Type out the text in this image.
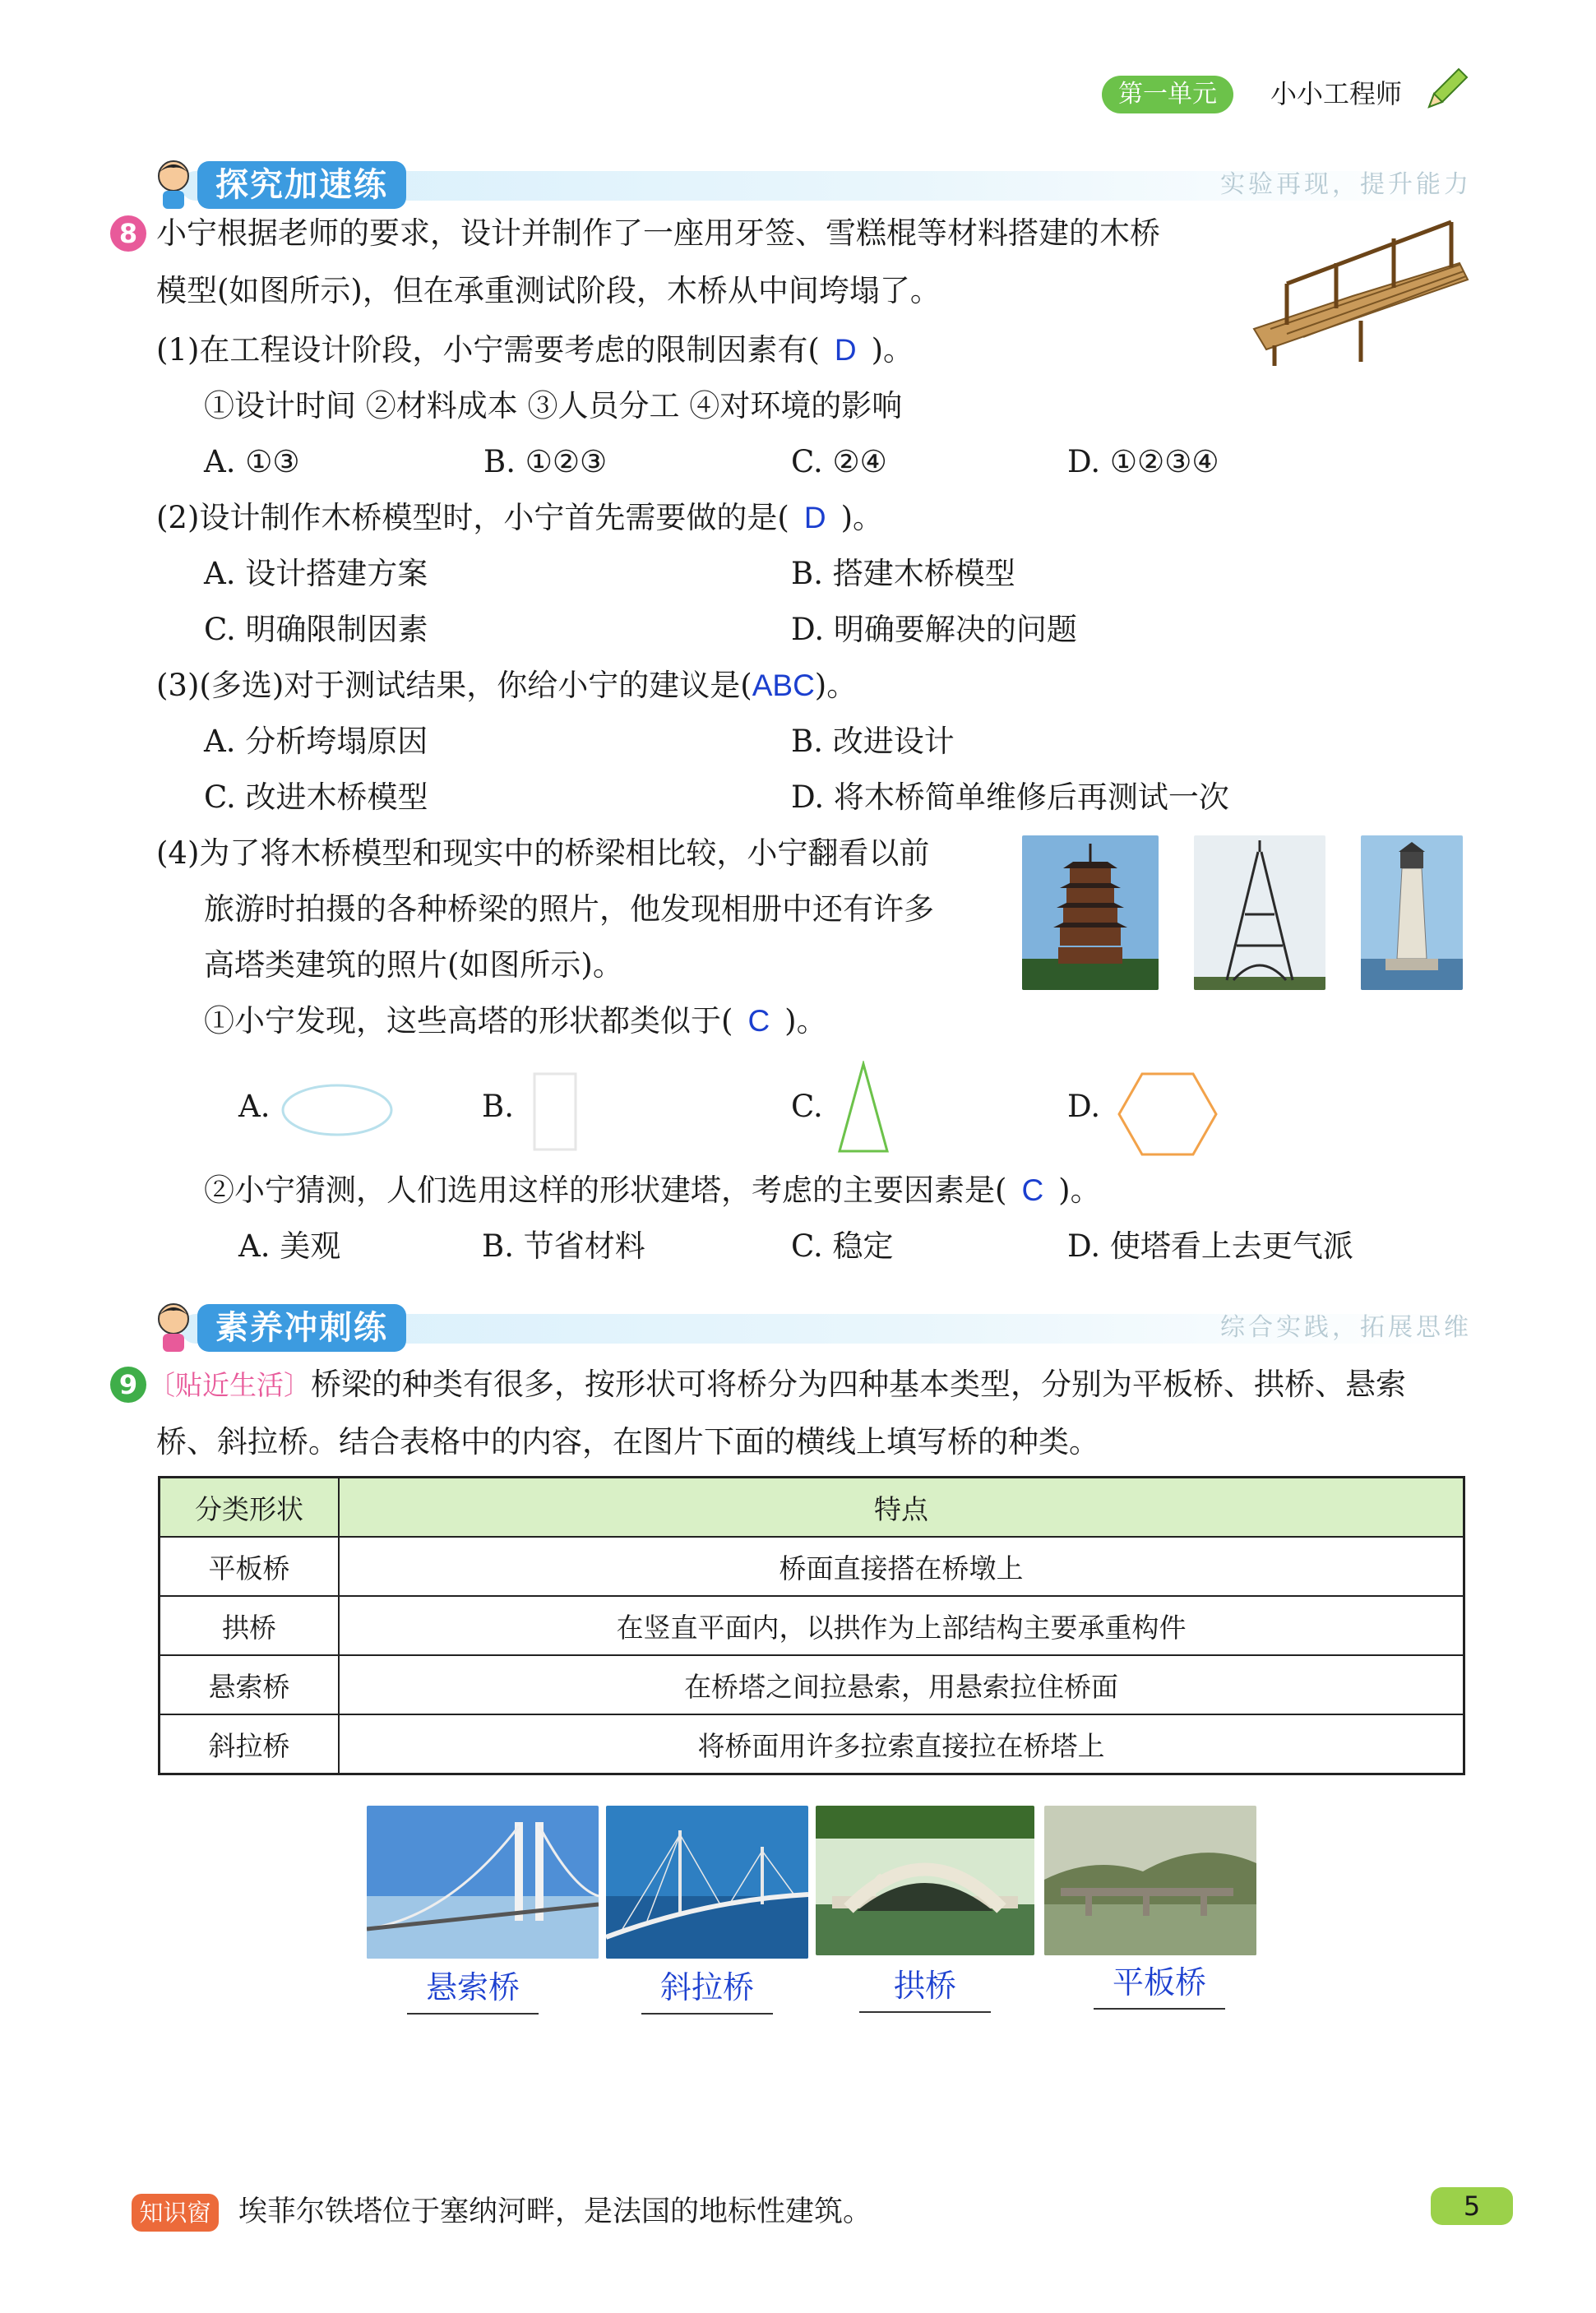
第一单元	小小工程师
探究加速练	实验再现，提升能力
8 小宁根据老师的要求，设计并制作了一座用牙签、雪糕棍等材料搭建的木桥
模型(如图所示)，但在承重测试阶段，木桥从中间垮塌了。
(1)在工程设计阶段，小宁需要考虑的限制因素有( D )。
①设计时间 ②材料成本 ③人员分工 ④对环境的影响
A. ①③	B. ①②③	C. ②④	D. ①②③④
(2)设计制作木桥模型时，小宁首先需要做的是( D )。
A. 设计搭建方案	B. 搭建木桥模型
C. 明确限制因素	D. 明确要解决的问题
(3)(多选)对于测试结果，你给小宁的建议是(ABC)。
A. 分析垮塌原因	B. 改进设计
C. 改进木桥模型	D. 将木桥简单维修后再测试一次
(4)为了将木桥模型和现实中的桥梁相比较，小宁翻看以前
旅游时拍摄的各种桥梁的照片，他发现相册中还有许多
高塔类建筑的照片(如图所示)。
①小宁发现，这些高塔的形状都类似于( C )。
A.	B.	C.	D.
②小宁猜测，人们选用这样的形状建塔，考虑的主要因素是( C )。
A. 美观	B. 节省材料	C. 稳定	D. 使塔看上去更气派
素养冲刺练	综合实践，拓展思维
9 〔贴近生活〕桥梁的种类有很多，按形状可将桥分为四种基本类型，分别为平板桥、拱桥、悬索
桥、斜拉桥。结合表格中的内容，在图片下面的横线上填写桥的种类。
分类形状	特点
平板桥	桥面直接搭在桥墩上
拱桥	在竖直平面内，以拱作为上部结构主要承重构件
悬索桥	在桥塔之间拉悬索，用悬索拉住桥面
斜拉桥	将桥面用许多拉索直接拉在桥塔上
悬索桥	斜拉桥	拱桥	平板桥
知识窗 埃菲尔铁塔位于塞纳河畔，是法国的地标性建筑。	5
